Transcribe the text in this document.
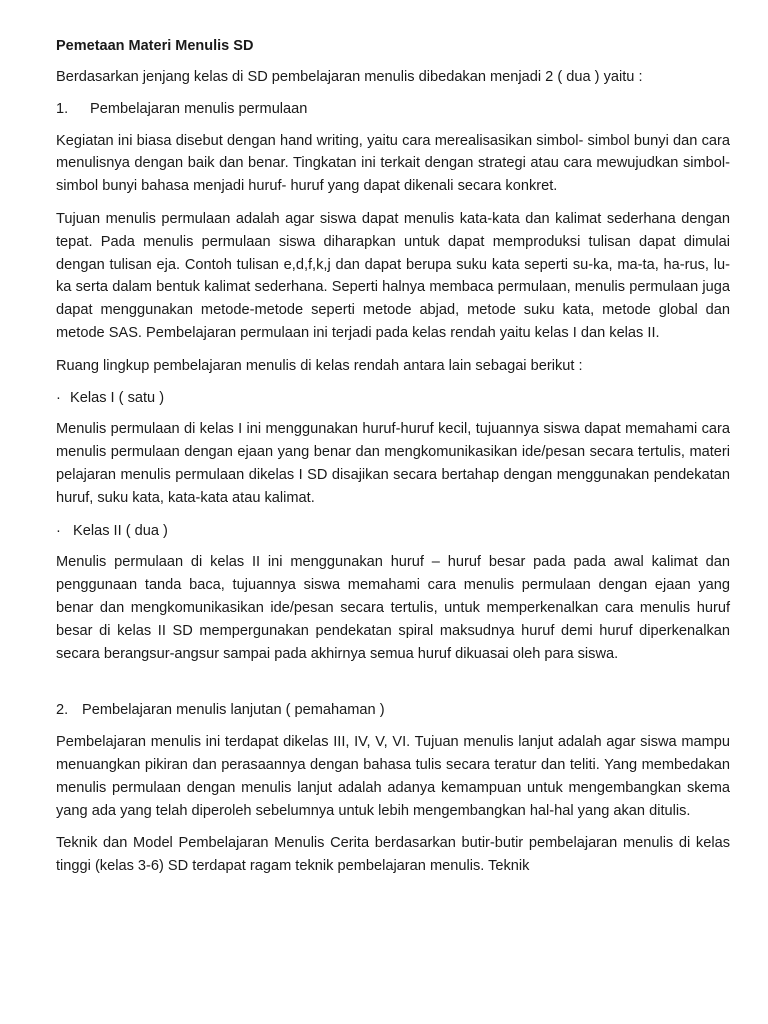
Pemetaan Materi Menulis SD
Berdasarkan jenjang kelas di SD pembelajaran menulis dibedakan menjadi 2 ( dua ) yaitu :
1.	Pembelajaran menulis permulaan

Kegiatan ini biasa disebut dengan hand writing, yaitu cara merealisasikan simbol- simbol bunyi dan cara menulisnya dengan baik dan benar. Tingkatan ini terkait dengan strategi atau cara mewujudkan simbol-simbol bunyi bahasa menjadi huruf- huruf yang dapat dikenali secara konkret.

Tujuan menulis permulaan adalah agar siswa dapat menulis kata-kata dan kalimat sederhana dengan tepat. Pada menulis permulaan siswa diharapkan untuk dapat memproduksi tulisan dapat dimulai dengan tulisan eja. Contoh tulisan e,d,f,k,j dan dapat berupa suku kata seperti su-ka, ma-ta, ha-rus, lu-ka serta dalam bentuk kalimat sederhana. Seperti halnya membaca permulaan, menulis permulaan juga dapat menggunakan metode-metode seperti metode abjad, metode suku kata, metode global dan metode SAS. Pembelajaran permulaan ini terjadi pada kelas rendah yaitu kelas I dan kelas II.

Ruang lingkup pembelajaran menulis di kelas rendah antara lain sebagai berikut :
· Kelas I ( satu )

Menulis permulaan di kelas I ini menggunakan huruf-huruf kecil, tujuannya siswa dapat memahami cara menulis permulaan dengan ejaan yang benar dan mengkomunikasikan ide/pesan secara tertulis, materi pelajaran menulis permulaan dikelas I SD disajikan secara bertahap dengan menggunakan pendekatan huruf, suku kata, kata-kata atau kalimat.

· Kelas II ( dua )

Menulis permulaan di kelas II ini menggunakan huruf – huruf besar pada pada awal kalimat dan penggunaan tanda baca, tujuannya siswa memahami cara menulis permulaan dengan ejaan yang benar dan mengkomunikasikan ide/pesan secara tertulis, untuk memperkenalkan cara menulis huruf besar di kelas II SD mempergunakan pendekatan spiral maksudnya huruf demi huruf diperkenalkan secara berangsur-angsur sampai pada akhirnya semua huruf dikuasai oleh para siswa.

2. Pembelajaran menulis lanjutan ( pemahaman )

Pembelajaran menulis ini terdapat dikelas III, IV, V, VI. Tujuan menulis lanjut adalah agar siswa mampu menuangkan pikiran dan perasaannya dengan bahasa tulis secara teratur dan teliti. Yang membedakan menulis permulaan dengan menulis lanjut adalah adanya kemampuan untuk mengembangkan skema yang ada yang telah diperoleh sebelumnya untuk lebih mengembangkan hal-hal yang akan ditulis.

Teknik dan Model Pembelajaran Menulis Cerita berdasarkan butir-butir pembelajaran menulis di kelas tinggi (kelas 3-6) SD terdapat ragam teknik pembelajaran menulis. Teknik
